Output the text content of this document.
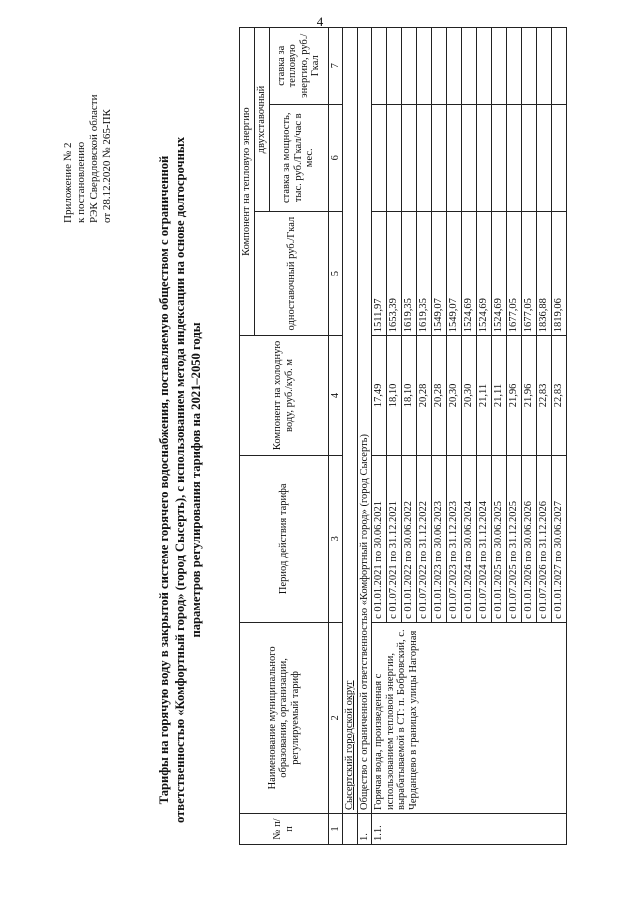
4
Приложение № 2 к постановлению РЭК Свердловской области от 28.12.2020 № 265-ПК	Тарифы на горячую воду в закрытой системе горячего водоснабжения, поставляемую обществом с ограниченной ответственностью «Комфортный город» (город Сысерть), с использованием метода индексации на основе долгосрочных параметров регулирования тарифов на 2021–2050 годы
№ п/п	Наименование муниципального образования, организации, регулируемый тариф	Период действия тарифа	Компонент на холодную воду, руб./куб. м	Компонент на тепловую энергию		
				одноставочный руб./Гкал	двухставочный	
					ставка за мощность, тыс. руб./Гкал/час в мес.	ставка за тепловую энергию, руб./Гкал
1	2	3	4	5	6	7
	Сысертский городской округ					
1.	Общество с ограниченной ответственностью «Комфортный город» (город Сысерть)					
1.1.	Горячая вода, произведенная с использованием тепловой энергии, вырабатываемой в СТ: п. Бобровский, с. Черданцево в границах улицы Нагорная	с 01.01.2021 по 30.06.2021	17,49	1511,97		
		с 01.07.2021 по 31.12.2021	18,10	1653,39		
		с 01.01.2022 по 30.06.2022	18,10	1619,35		
		с 01.07.2022 по 31.12.2022	20,28	1619,35		
		с 01.01.2023 по 30.06.2023	20,28	1549,07		
		с 01.07.2023 по 31.12.2023	20,30	1549,07		
		с 01.01.2024 по 30.06.2024	20,30	1524,69		
		с 01.07.2024 по 31.12.2024	21,11	1524,69		
		с 01.01.2025 по 30.06.2025	21,11	1524,69		
		с 01.07.2025 по 31.12.2025	21,96	1677,05		
		с 01.01.2026 по 30.06.2026	21,96	1677,05		
		с 01.07.2026 по 31.12.2026	22,83	1836,88		
		с 01.01.2027 по 30.06.2027	22,83	1819,06		
